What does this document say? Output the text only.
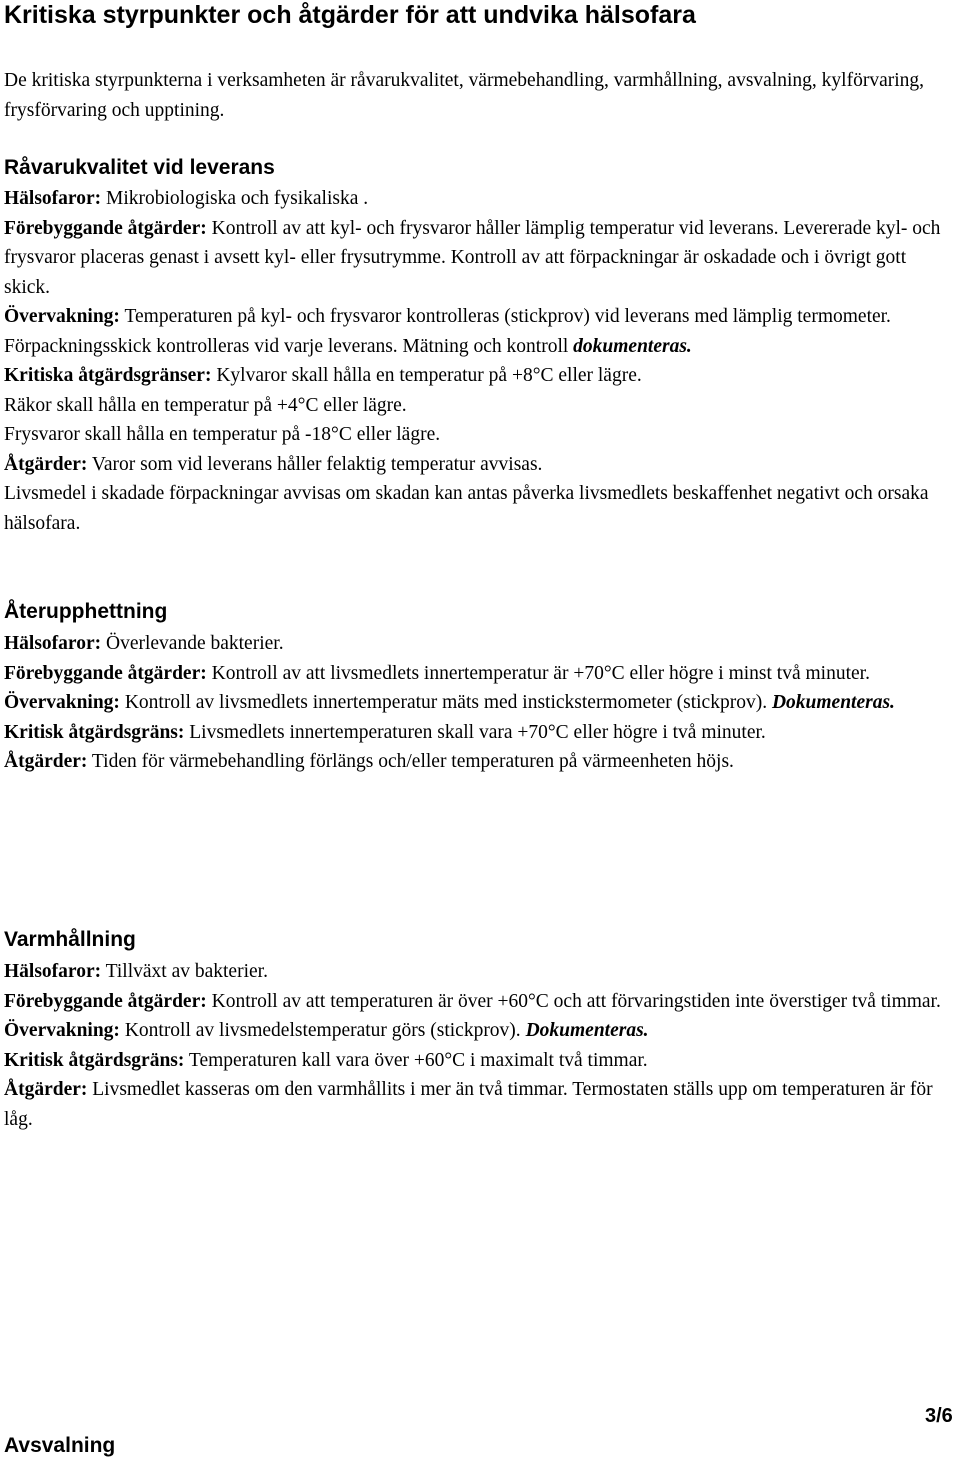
Kritiska styrpunkter och åtgärder för att undvika hälsofara

De kritiska styrpunkterna i verksamheten är råvarukvalitet, värmebehandling, varmhållning, avsvalning, kylförvaring, frysförvaring och upptining.

Råvarukvalitet vid leverans

Hälsofaror: Mikrobiologiska och fysikaliska .
Förebyggande åtgärder: Kontroll av att kyl- och frysvaror håller lämplig temperatur vid leverans. Levererade kyl- och frysvaror placeras genast i avsett kyl- eller frysutrymme. Kontroll av att förpackningar är oskadade och i övrigt gott skick.
Övervakning: Temperaturen på kyl- och frysvaror kontrolleras (stickprov) vid leverans med lämplig termometer. Förpackningsskick kontrolleras vid varje leverans. Mätning och kontroll dokumenteras.
Kritiska åtgärdsgränser: Kylvaror skall hålla en temperatur på +8°C eller lägre.
Räkor skall hålla en temperatur på +4°C eller lägre.
Frysvaror skall hålla en temperatur på -18°C eller lägre.
Åtgärder: Varor som vid leverans håller felaktig temperatur avvisas.
Livsmedel i skadade förpackningar avvisas om skadan kan antas påverka livsmedlets beskaffenhet negativt och orsaka hälsofara.

Återupphettning

Hälsofaror: Överlevande bakterier.
Förebyggande åtgärder: Kontroll av att livsmedlets innertemperatur är +70°C eller högre i minst två minuter.
Övervakning: Kontroll av livsmedlets innertemperatur mäts med instickstermometer (stickprov). Dokumenteras.
Kritisk åtgärdsgräns: Livsmedlets innertemperaturen skall vara +70°C eller högre i två minuter.
Åtgärder: Tiden för värmebehandling förlängs och/eller temperaturen på värmeenheten höjs.

Varmhållning

Hälsofaror: Tillväxt av bakterier.
Förebyggande åtgärder: Kontroll av att temperaturen är över +60°C och att förvaringstiden inte överstiger två timmar.
Övervakning: Kontroll av livsmedelstemperatur görs (stickprov). Dokumenteras.
Kritisk åtgärdsgräns: Temperaturen kall vara över +60°C i maximalt två timmar.
Åtgärder: Livsmedlet kasseras om den varmhållits i mer än två timmar. Termostaten ställs upp om temperaturen är för låg.

Avsvalning
3/6
